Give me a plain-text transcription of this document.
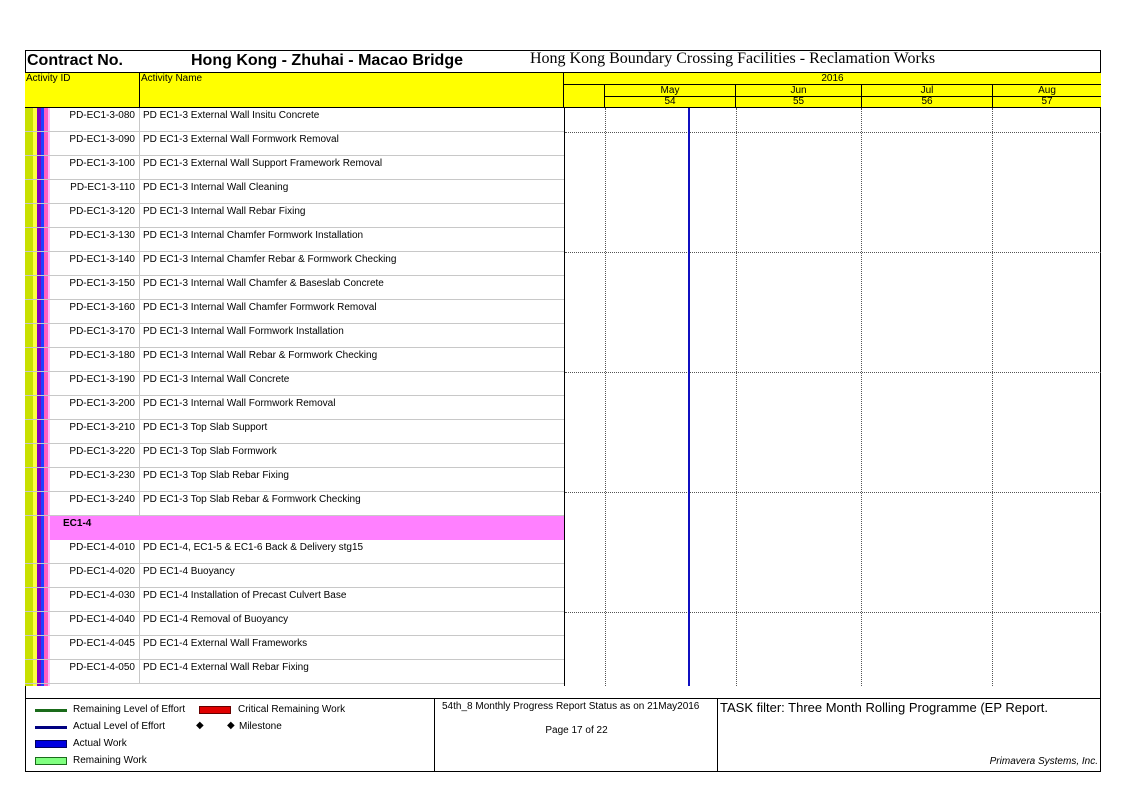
Contract No.	Hong Kong - Zhuhai - Macao Bridge	Hong Kong Boundary Crossing Facilities - Reclamation Works
Activity ID	Activity Name	2016
May	Jun	Jul	Aug
54	55	56	57
PD-EC1-3-080 PD EC1-3 External Wall Insitu Concrete
PD-EC1-3-090 PD EC1-3 External Wall Formwork Removal
PD-EC1-3-100 PD EC1-3 External Wall Support Framework Removal
PD-EC1-3-110 PD EC1-3 Internal Wall Cleaning
PD-EC1-3-120 PD EC1-3 Internal Wall Rebar Fixing
PD-EC1-3-130 PD EC1-3 Internal Chamfer Formwork Installation
PD-EC1-3-140 PD EC1-3 Internal Chamfer Rebar & Formwork Checking
PD-EC1-3-150 PD EC1-3 Internal Wall Chamfer & Baseslab Concrete
PD-EC1-3-160 PD EC1-3 Internal Wall Chamfer Formwork Removal
PD-EC1-3-170 PD EC1-3 Internal Wall Formwork Installation
PD-EC1-3-180 PD EC1-3 Internal Wall Rebar & Formwork Checking
PD-EC1-3-190 PD EC1-3 Internal Wall Concrete
PD-EC1-3-200 PD EC1-3 Internal Wall Formwork Removal
PD-EC1-3-210 PD EC1-3 Top Slab Support
PD-EC1-3-220 PD EC1-3 Top Slab Formwork
PD-EC1-3-230 PD EC1-3 Top Slab Rebar Fixing
PD-EC1-3-240 PD EC1-3 Top Slab Rebar & Formwork Checking
EC1-4
PD-EC1-4-010 PD EC1-4, EC1-5 & EC1-6 Back & Delivery stg15
PD-EC1-4-020 PD EC1-4 Buoyancy
PD-EC1-4-030 PD EC1-4 Installation of Precast Culvert Base
PD-EC1-4-040 PD EC1-4 Removal of Buoyancy
PD-EC1-4-045 PD EC1-4 External Wall Frameworks
PD-EC1-4-050 PD EC1-4 External Wall Rebar Fixing
Remaining Level of Effort	Critical Remaining Work
Actual Level of Effort	◆ ◆ Milestone
Actual Work
Remaining Work
54th_8 Monthly Progress Report Status as on 21May2016
Page 17 of 22
TASK filter: Three Month Rolling Programme (EP Report.
Primavera Systems, Inc.
